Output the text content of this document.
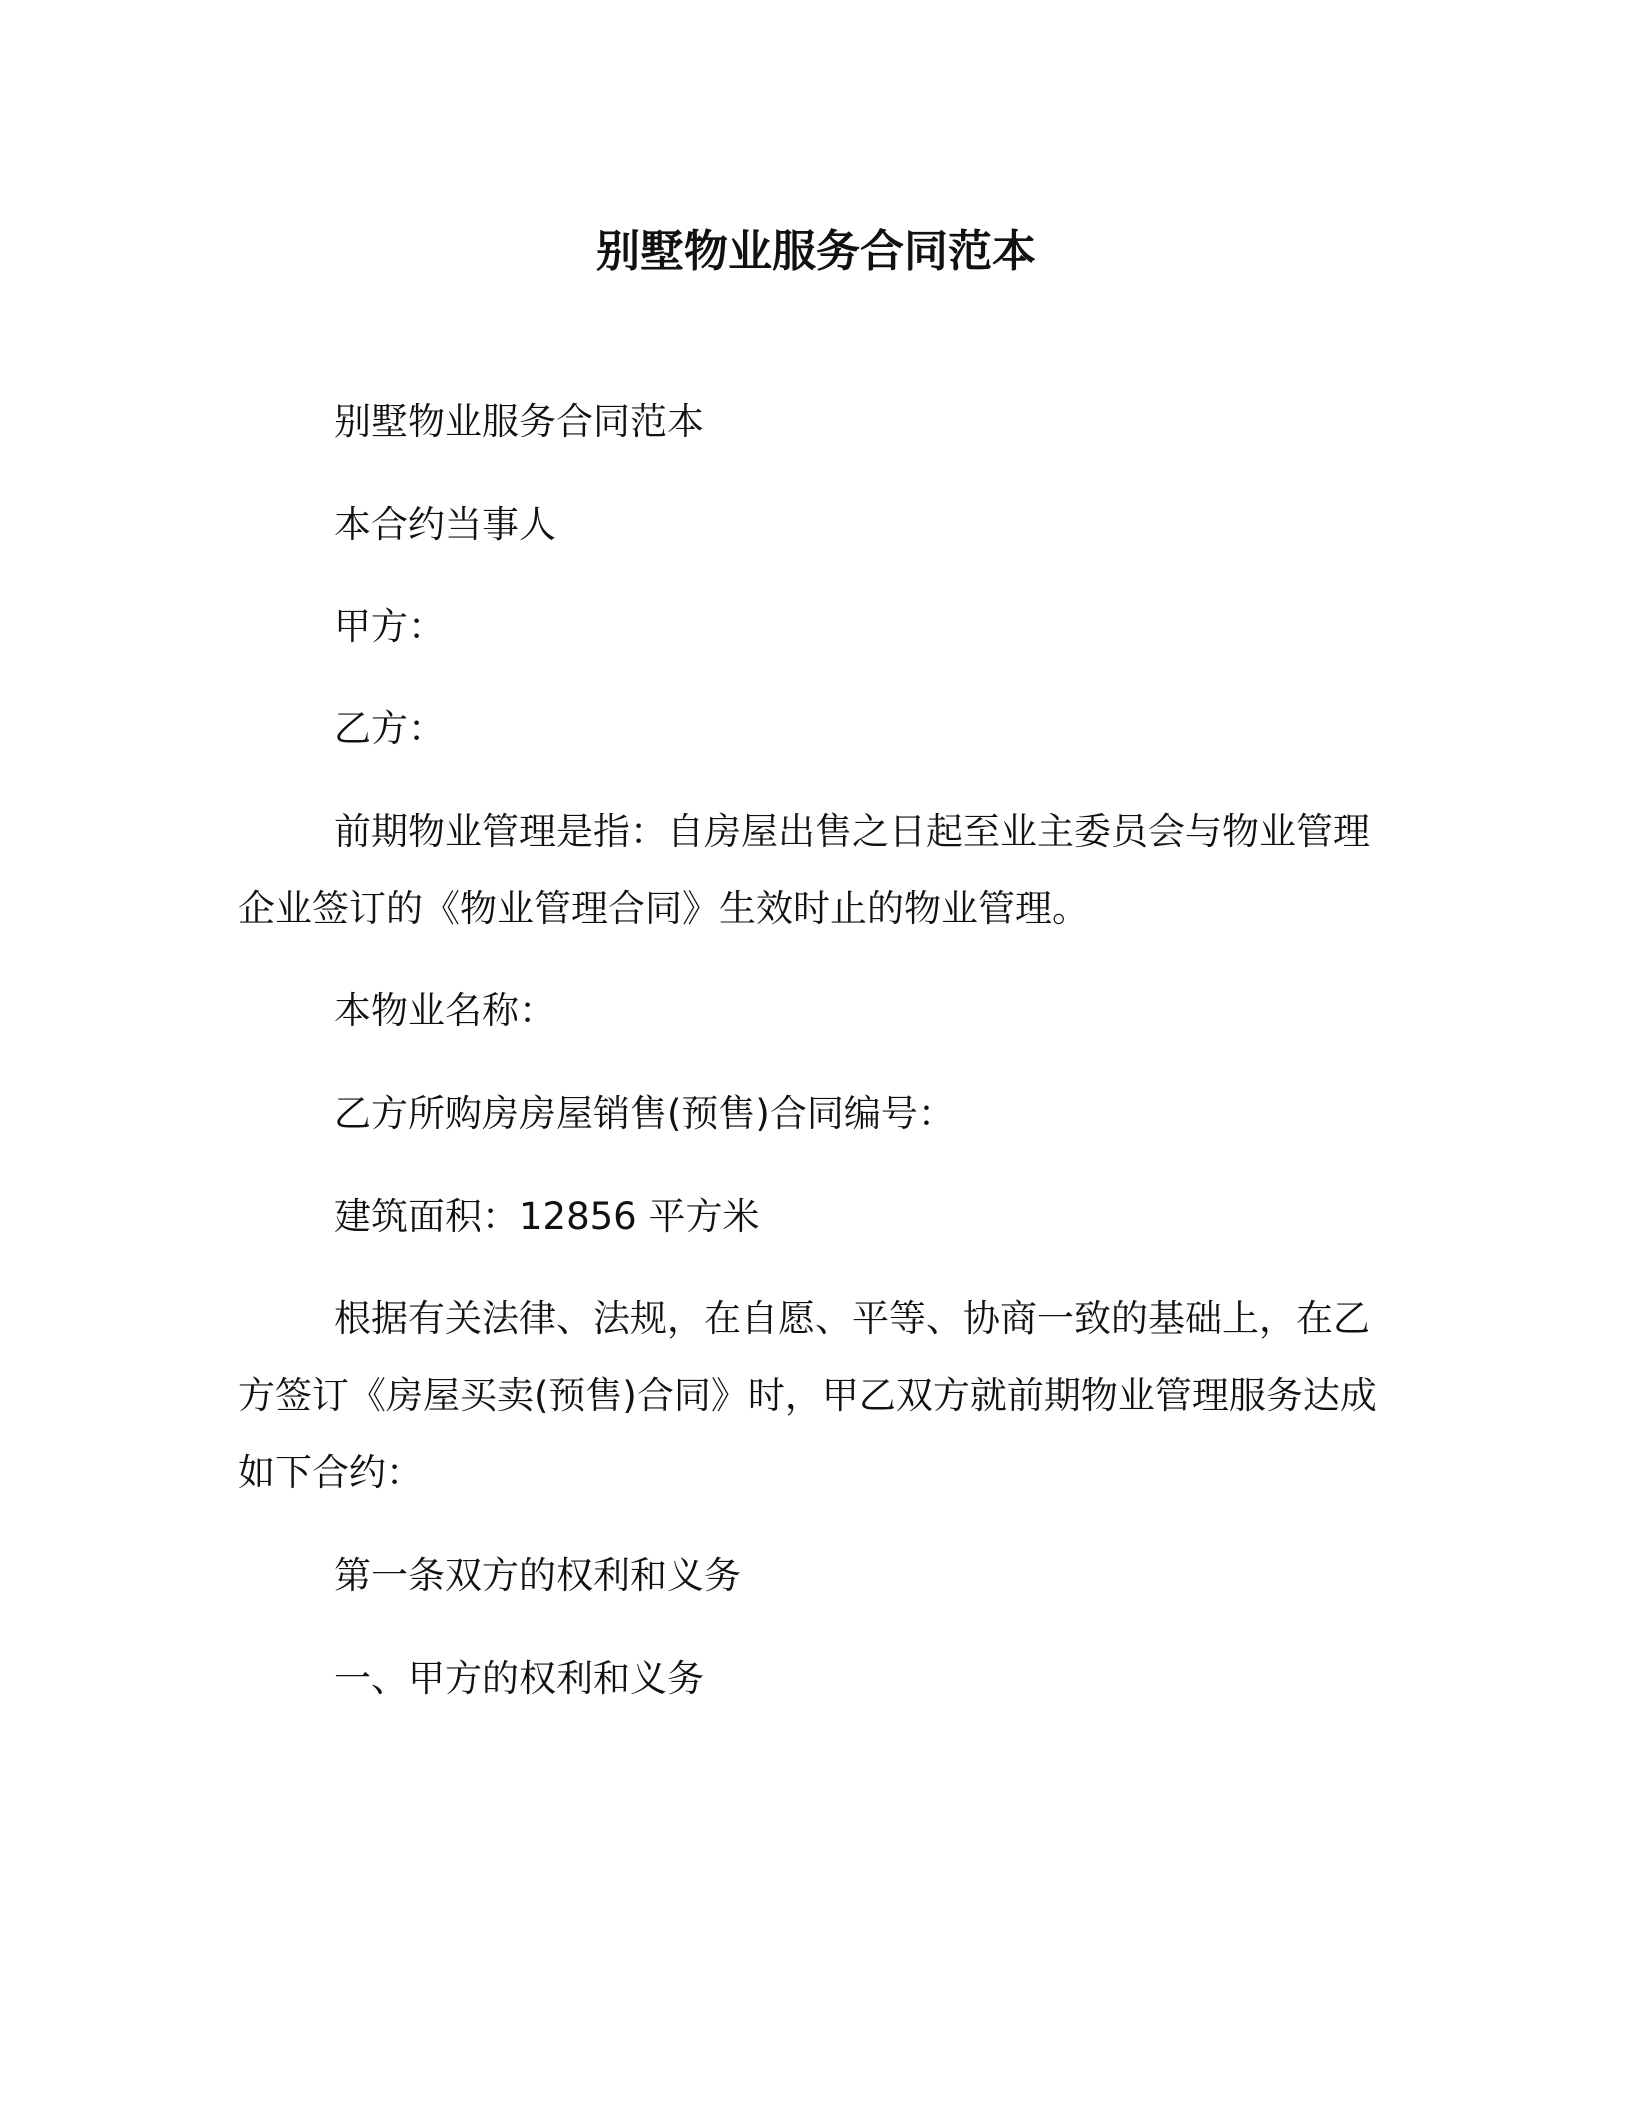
别墅物业服务合同范本

别墅物业服务合同范本

本合约当事人

甲方：

乙方：

前期物业管理是指：自房屋出售之日起至业主委员会与物业管理企业签订的《物业管理合同》生效时止的物业管理。

本物业名称：

乙方所购房房屋销售(预售)合同编号：

建筑面积：12856 平方米

根据有关法律、法规，在自愿、平等、协商一致的基础上，在乙方签订《房屋买卖(预售)合同》时，甲乙双方就前期物业管理服务达成如下合约：

第一条双方的权利和义务

一、甲方的权利和义务
